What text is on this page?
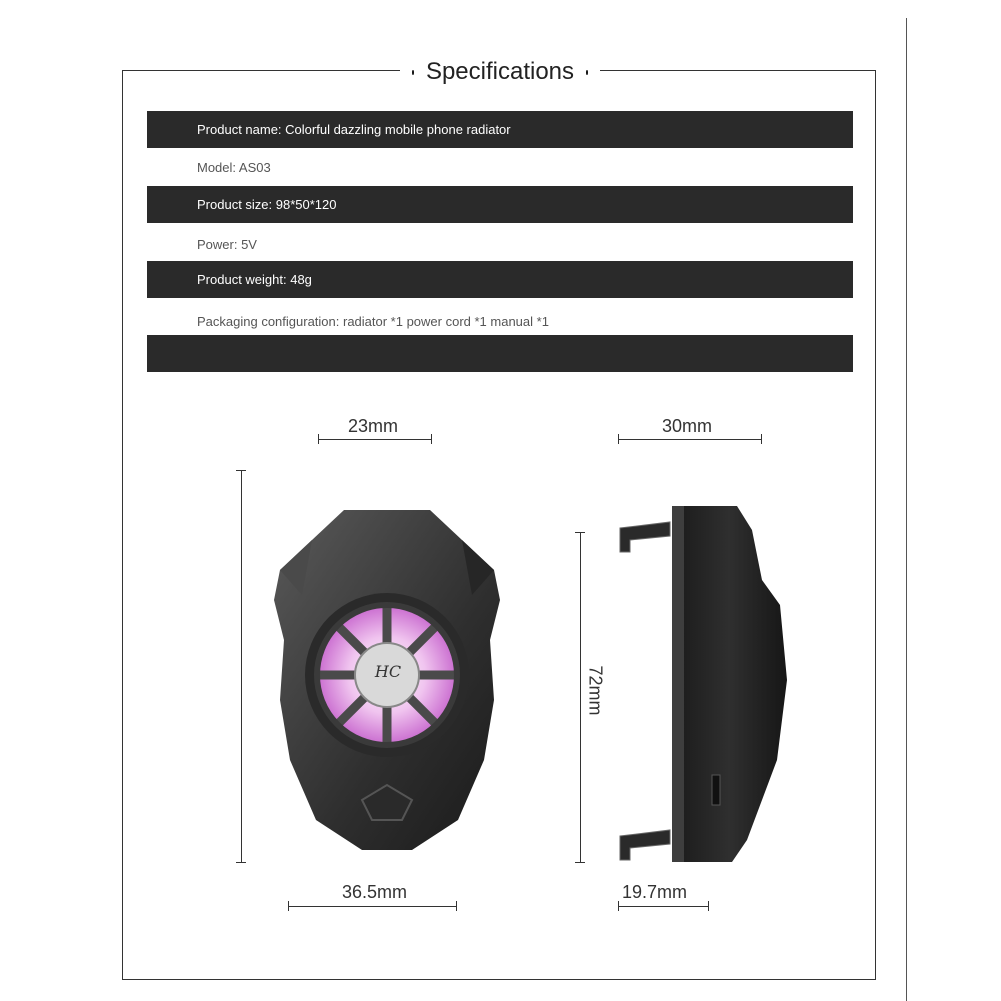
Specifications
Product name: Colorful dazzling mobile phone radiator
Model: AS03
Product size: 98*50*120
Power: 5V
Product weight: 48g
Packaging configuration: radiator *1 power cord *1 manual *1
23mm	30mm
72mm
36.5mm	19.7mm
HC
